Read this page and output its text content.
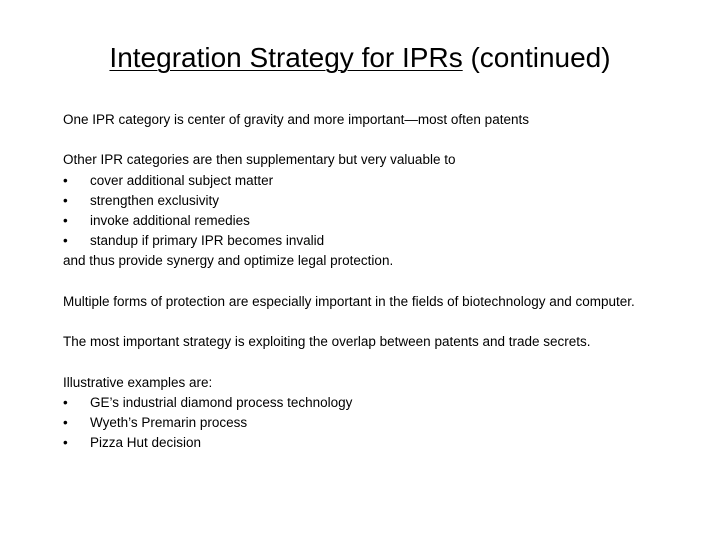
Integration Strategy for IPRs (continued)

One IPR category is center of gravity and more important—most often patents

Other IPR categories are then supplementary but very valuable to
•	cover additional subject matter
•	strengthen exclusivity
•	invoke additional remedies
•	standup if primary IPR becomes invalid
and thus provide synergy and optimize legal protection.

Multiple forms of protection are especially important in the fields of biotechnology and computer.

The most important strategy is exploiting the overlap between patents and trade secrets.

Illustrative examples are:
•	GE’s industrial diamond process technology
•	Wyeth’s Premarin process
•	Pizza Hut decision
